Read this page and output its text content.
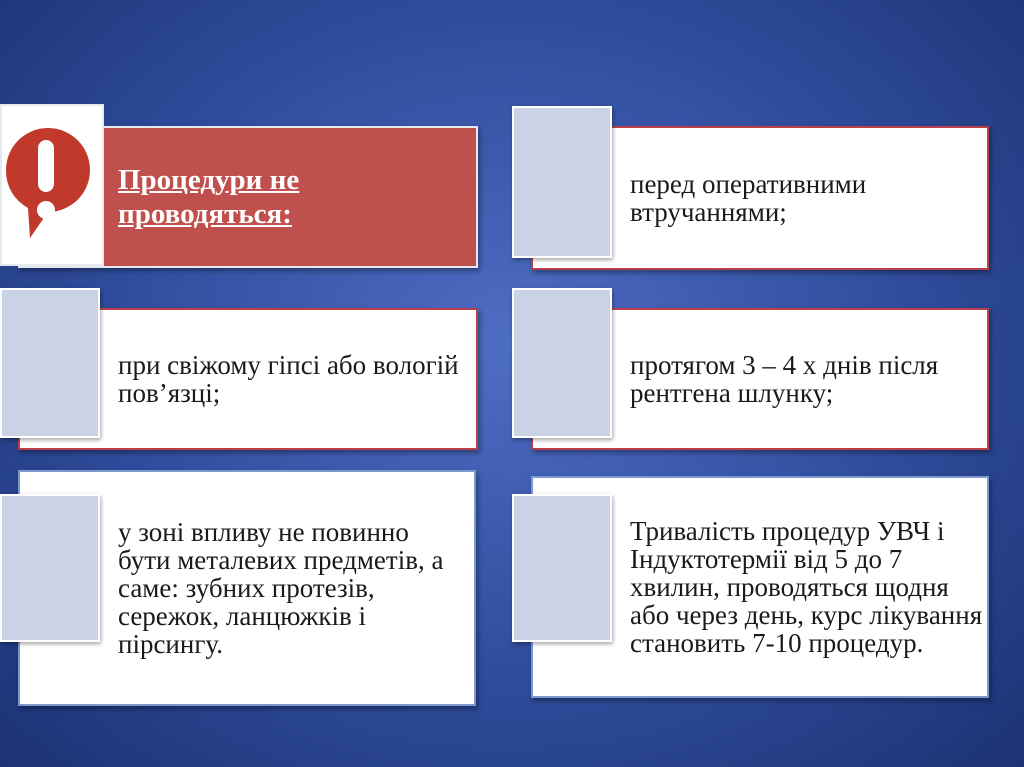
Процедури не проводяться:
при свіжому гіпсі або вологій пов’язці;
у зоні впливу не повинно бути металевих предметів, а саме: зубних протезів, сережок, ланцюжків і пірсингу.
перед оперативними втручаннями;
протягом 3 – 4 х днів після рентгена шлунку;
Тривалість процедур УВЧ і Індуктотермії від 5 до 7 хвилин, проводяться щодня або через день, курс лікування становить 7-10 процедур.
